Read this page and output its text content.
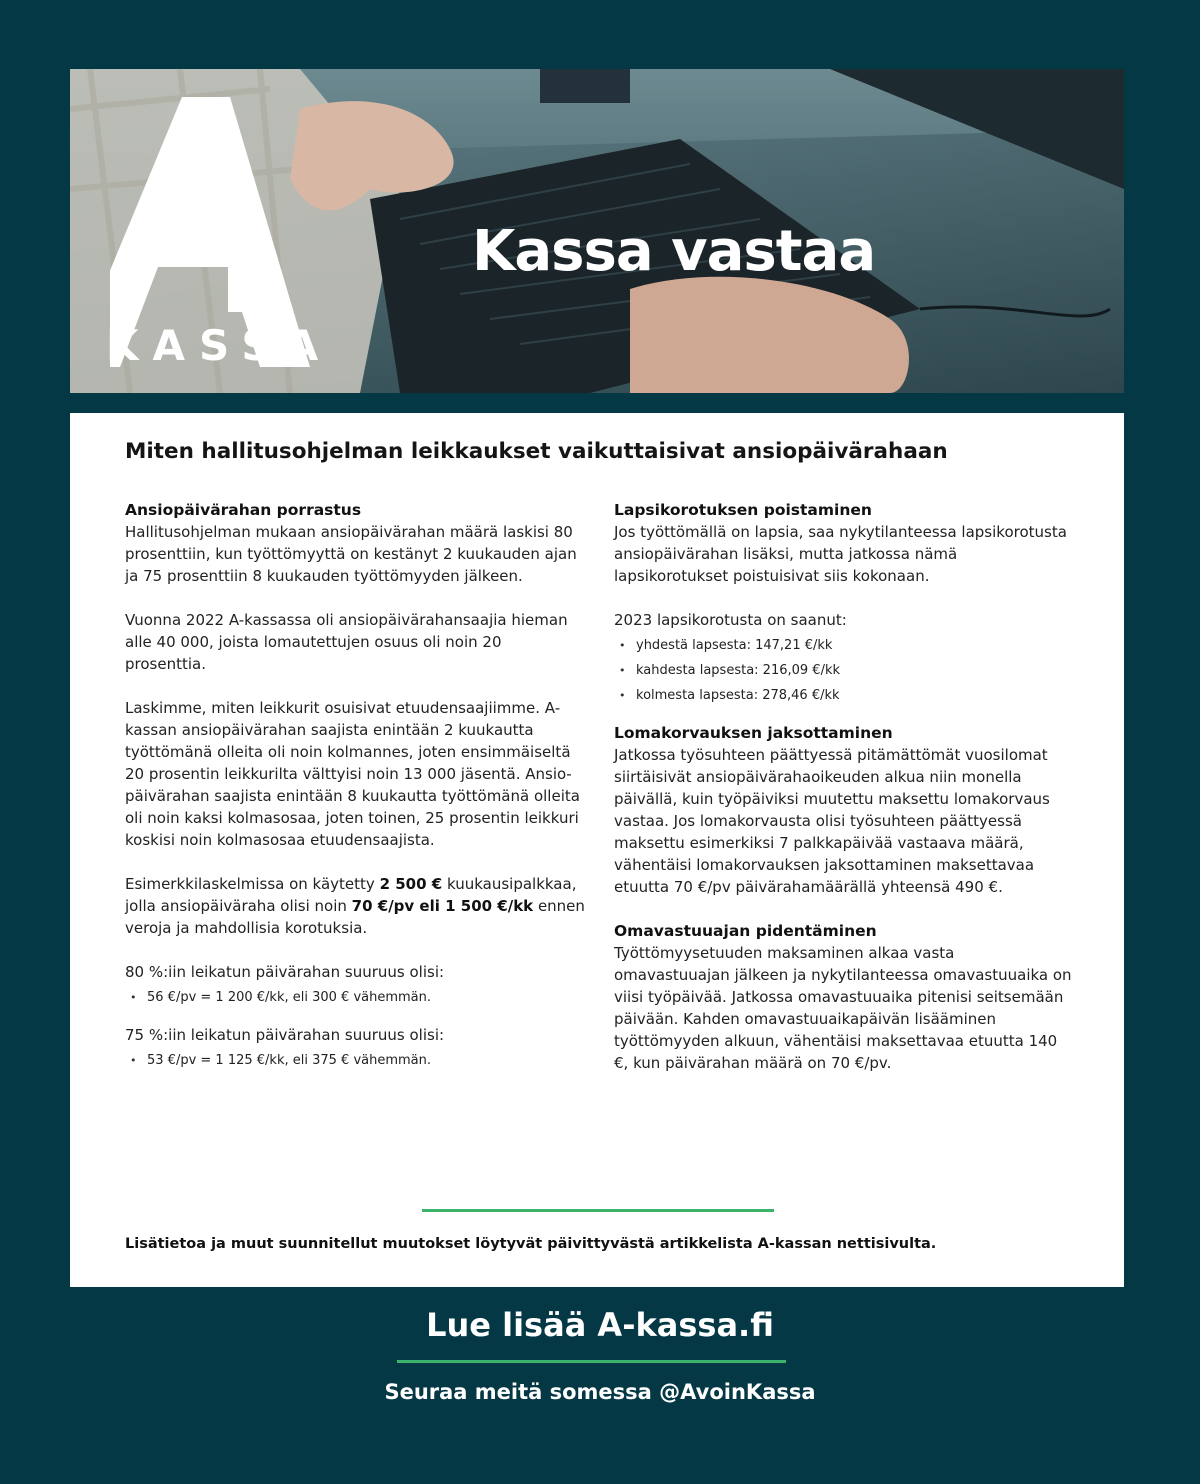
KASSA
Kassa vastaa
Miten hallitusohjelman leikkaukset vaikuttaisivat ansiopäivärahaan
Ansiopäivärahan porrastus

Hallitusohjelman mukaan ansiopäivärahan määrä laskisi 80 prosenttiin, kun työttömyyttä on kestänyt 2 kuukauden ajan ja 75 prosenttiin 8 kuukauden työttömyyden jälkeen.

Vuonna 2022 A-kassassa oli ansiopäivärahansaajia hieman alle 40 000, joista lomautettujen osuus oli noin 20 prosenttia.

Laskimme, miten leikkurit osuisivat etuudensaajiimme. A-kassan ansiopäivärahan saajista enintään 2 kuukautta työttömänä olleita oli noin kolmannes, joten ensimmäiseltä 20 prosentin leikkurilta välttyisi noin 13 000 jäsentä. Ansiopäivärahan saajista enintään 8 kuukautta työttömänä olleita oli noin kaksi kolmasosaa, joten toinen, 25 prosentin leikkuri koskisi noin kolmasosaa etuudensaajista.

Esimerkkilaskelmissa on käytetty 2 500 € kuukausipalkkaa, jolla ansiopäiväraha olisi noin 70 €/pv eli 1 500 €/kk ennen veroja ja mahdollisia korotuksia.

80 %:iin leikatun päivärahan suuruus olisi:

• 56 €/pv = 1 200 €/kk, eli 300 € vähemmän.

75 %:iin leikatun päivärahan suuruus olisi:

• 53 €/pv = 1 125 €/kk, eli 375 € vähemmän.
Lapsikorotuksen poistaminen

Jos työttömällä on lapsia, saa nykytilanteessa lapsikorotusta ansiopäivärahan lisäksi, mutta jatkossa nämä lapsikorotukset poistuisivat siis kokonaan.

2023 lapsikorotusta on saanut:

• yhdestä lapsesta: 147,21 €/kk
• kahdesta lapsesta: 216,09 €/kk
• kolmesta lapsesta: 278,46 €/kk
Lomakorvauksen jaksottaminen

Jatkossa työsuhteen päättyessä pitämättömät vuosilomat siirtäisivät ansiopäivärahaoikeuden alkua niin monella päivällä, kuin työpäiviksi muutettu maksettu lomakorvaus vastaa. Jos lomakorvausta olisi työsuhteen päättyessä maksettu esimerkiksi 7 palkkapäivää vastaava määrä, vähentäisi lomakorvauksen jaksottaminen maksettavaa etuutta 70 €/pv päivärahamäärällä yhteensä 490 €.

Omavastuuajan pidentäminen

Työttömyysetuuden maksaminen alkaa vasta omavastuuajan jälkeen ja nykytilanteessa omavastuuaika on viisi työpäivää. Jatkossa omavastuuaika pitenisi seitsemään päivään. Kahden omavastuuaikapäivän lisääminen työttömyyden alkuun, vähentäisi maksettavaa etuutta 140 €, kun päivärahan määrä on 70 €/pv.

Lisätietoa ja muut suunnitellut muutokset löytyvät päivittyvästä artikkelista A-kassan nettisivulta.
Lue lisää A-kassa.fi
Seuraa meitä somessa @AvoinKassa
